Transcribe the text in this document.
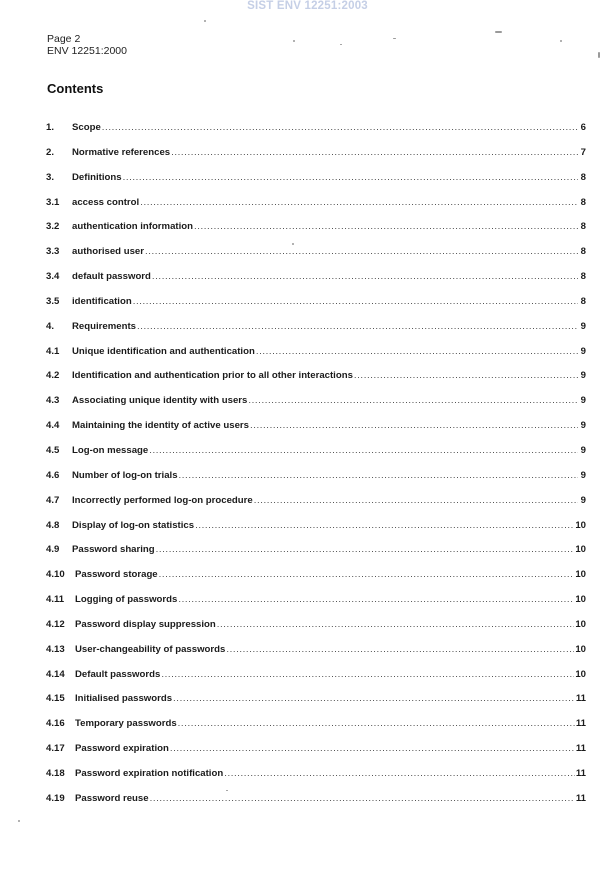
SIST ENV 12251:2003
Page 2
ENV 12251:2000
Contents
1.	Scope .....	6
2.	Normative references .....	7
3.	Definitions .....	8
3.1	access control .....	8
3.2	authentication information .....	8
3.3	authorised user .....	8
3.4	default password .....	8
3.5	identification .....	8
4.	Requirements .....	9
4.1	Unique identification and authentication .....	9
4.2	Identification and authentication prior to all other interactions .....	9
4.3	Associating unique identity with users .....	9
4.4	Maintaining the identity of active users .....	9
4.5	Log-on message .....	9
4.6	Number of log-on trials .....	9
4.7	Incorrectly performed log-on procedure .....	9
4.8	Display of log-on statistics .....	10
4.9	Password sharing .....	10
4.10	Password storage .....	10
4.11	Logging of passwords .....	10
4.12	Password display suppression .....	10
4.13	User-changeability of passwords .....	10
4.14	Default passwords .....	10
4.15	Initialised passwords .....	11
4.16	Temporary passwords .....	11
4.17	Password expiration .....	11
4.18	Password expiration notification .....	11
4.19	Password reuse .....	11
